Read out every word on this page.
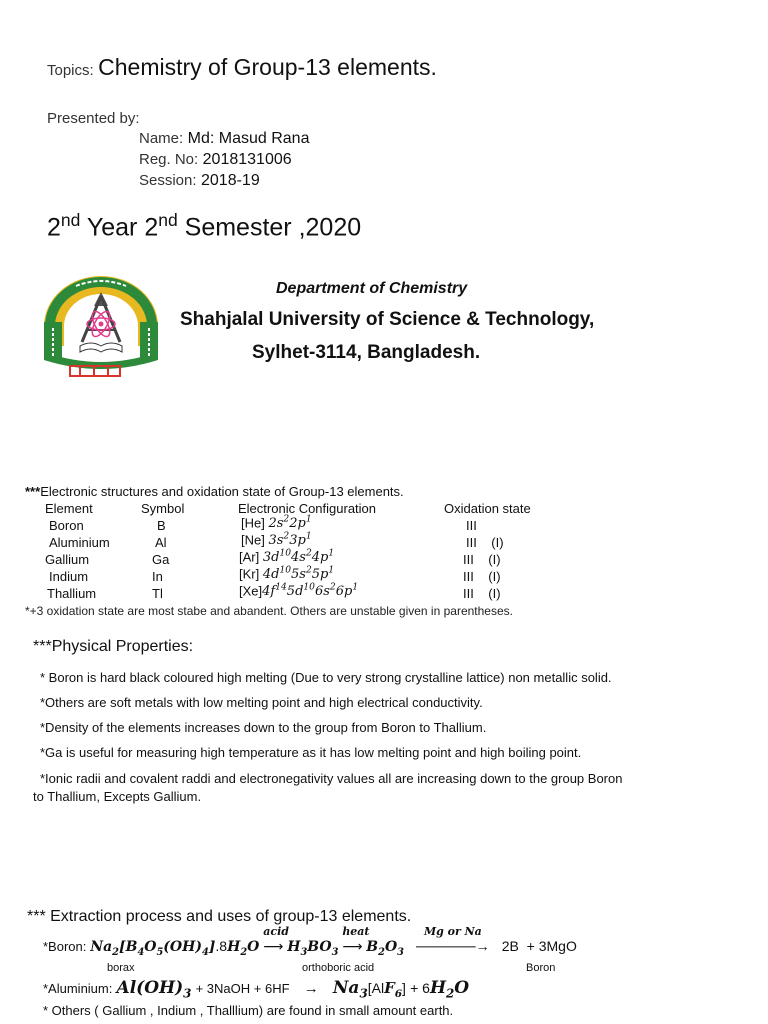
Topics: Chemistry of Group-13 elements.
Presented by:
Name: Md: Masud Rana
Reg. No: 2018131006
Session: 2018-19
2nd Year 2nd Semester ,2020
Department of Chemistry
Shahjalal University of Science & Technology,
Sylhet-3114, Bangladesh.
***Electronic structures and oxidation state of Group-13 elements.
Element	Symbol	Electronic Configuration	Oxidation state
Boron	B	[He] $2s^22p^1$	III
Aluminium	Al	[Ne] $3s^23p^1$	III (I)
Gallium	Ga	[Ar] $3d^{10}4s^24p^1$	III (I)
Indium	In	[Kr] $4d^{10}5s^25p^1$	III (I)
Thallium	Tl	$[Xe]4f^{14}5d^{10}6s^26p^1$	III (I)
*+3 oxidation state are most stabe and abandent. Others are unstable given in parentheses.
***Physical Properties:
* Boron is hard black coloured high melting (Due to very strong crystalline lattice) non metallic solid.
*Others are soft metals with low melting point and high electrical conductivity.
*Density of the elements increases down to the group from Boron to Thallium.
*Ga is useful for measuring high temperature as it has low melting point and high boiling point.
*Ionic radii and covalent raddi and electronegativity values all are increasing down to the group Boron
to Thallium, Excepts Gallium.
*** Extraction process and uses of group-13 elements.
*Boron: $Na_2[B_4O_5(OH)_4].8H_2O$
acid
⟶ $H_3BO_3$
heat
⟶ $B_2O_3$
Mg or Na
──────→ 2B  + 3MgO
borax	orthoboric acid	Boron
*Aluminium: $Al(OH)_3$ + 3NaOH + $6HF \to Na_3[AlF_6] + 6H_2O$
* Others ( Gallium , Indium , Thalllium) are found in small amount earth.
